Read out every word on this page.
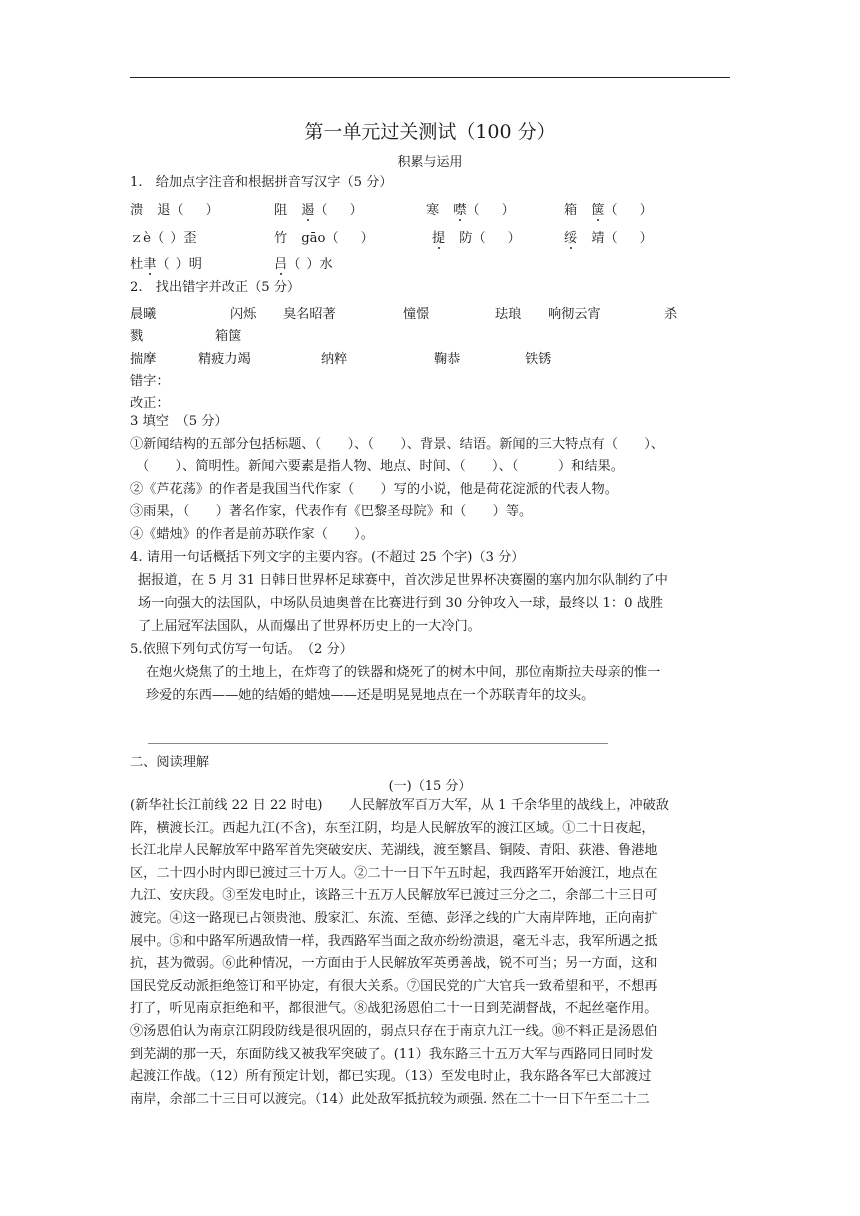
第一单元过关测试（100 分）
积累与运用
1.　给加点字注音和根据拼音写汉字（5 分）
溃 退（ ）	阻 遏（ ）	寒 噤（ ）	箱 箧（ ）
ｚè（ ）歪	竹 gāo（ ）	提 防（ ）	绥 靖（ ）
杜聿（ ）明	吕（ ）水
2.　找出错字并改正（5 分）
晨曦	闪烁 臭名昭著	憧憬	珐琅 响彻云宵	杀
戮	箱箧
揣摩	精疲力竭	纳粹	鞠恭	铁锈
错字：
改正：
3 填空　（5 分）
①新闻结构的五部分包括标题、（　　）、（　　）、背景、结语。新闻的三大特点有（　　）、
（　　）、简明性。新闻六要素是指人物、地点、时间、（　　）、（　　　）和结果。
②《芦花荡》的作者是我国当代作家（　　）写的小说，他是荷花淀派的代表人物。
③雨果，（　　）著名作家，代表作有《巴黎圣母院》和（　　）等。
④《蜡烛》的作者是前苏联作家（　　）。
4. 请用一句话概括下列文字的主要内容。(不超过 25 个字)（3 分）
据报道，在 5 月 31 日韩日世界杯足球赛中，首次涉足世界杯决赛圈的塞内加尔队制约了中
场一向强大的法国队，中场队员迪奥普在比赛进行到 30 分钟攻入一球，最终以 1：0 战胜
了上届冠军法国队，从而爆出了世界杯历史上的一大冷门。
5.依照下列句式仿写一句话。　（2 分）
在炮火烧焦了的土地上，在炸弯了的铁器和烧死了的树木中间，那位南斯拉夫母亲的惟一
珍爱的东西——她的结婚的蜡烛——还是明晃晃地点在一个苏联青年的坟头。
二、阅读理解
(一)（15 分）
(新华社长江前线 22 日 22 时电)　　人民解放军百万大军，从 1 千余华里的战线上，冲破敌
阵，横渡长江。西起九江(不含)，东至江阴，均是人民解放军的渡江区域。①二十日夜起，
长江北岸人民解放军中路军首先突破安庆、芜湖线，渡至繁昌、铜陵、青阳、荻港、鲁港地
区，二十四小时内即已渡过三十万人。②二十一日下午五时起，我西路军开始渡江，地点在
九江、安庆段。③至发电时止，该路三十五万人民解放军已渡过三分之二，余部二十三日可
渡完。④这一路现已占领贵池、殷家汇、东流、至德、彭泽之线的广大南岸阵地，正向南扩
展中。⑤和中路军所遇敌情一样，我西路军当面之敌亦纷纷溃退，毫无斗志，我军所遇之抵
抗，甚为微弱。⑥此种情况，一方面由于人民解放军英勇善战，锐不可当；另一方面，这和
国民党反动派拒绝签订和平协定，有很大关系。⑦国民党的广大官兵一致希望和平，不想再
打了，听见南京拒绝和平，都很泄气。⑧战犯汤恩伯二十一日到芜湖督战，不起丝毫作用。
⑨汤恩伯认为南京江阴段防线是很巩固的，弱点只存在于南京九江一线。⑩不料正是汤恩伯
到芜湖的那一天，东面防线又被我军突破了。(11）我东路三十五万大军与西路同日同时发
起渡江作战。（12）所有预定计划，都已实现。（13）至发电时止，我东路各军已大部渡过
南岸，余部二十三日可以渡完。（14）此处敌军抵抗较为顽强. 然在二十一日下午至二十二
